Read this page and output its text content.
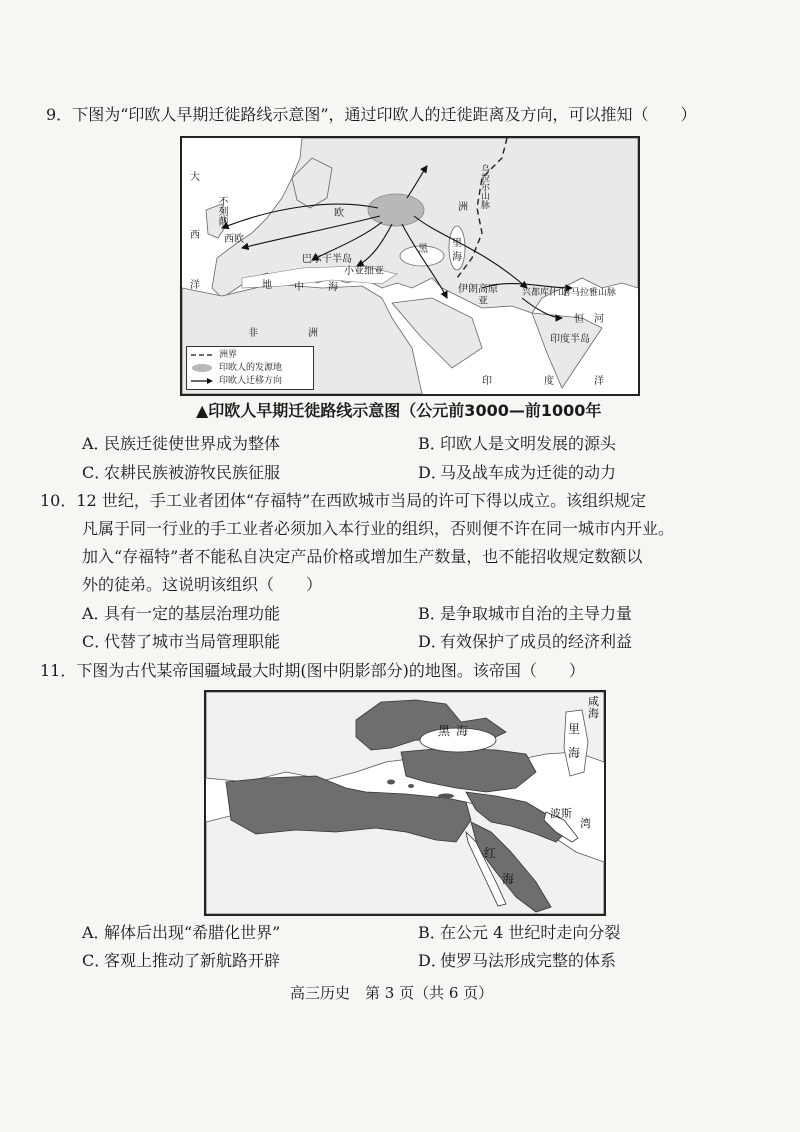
9．下图为“印欧人早期迁徙路线示意图”，通过印欧人的迁徙距离及方向，可以推知（　　）
大
西
洋
不列颠
西欧
欧
巴尔干半岛
小亚细亚
地 中 海
黑
里
海
伊朗高原
亚
非	洲
洲 乌拉尔山脉
兴都库什山
喜马拉雅山脉
恒 河
印度半岛
印	度	洋
洲界
印欧人的发源地
印欧人迁移方向
▲印欧人早期迁徙路线示意图（公元前3000—前1000年
A．民族迁徙使世界成为整体	B．印欧人是文明发展的源头
C．农耕民族被游牧民族征服	D．马及战车成为迁徙的动力
10．12 世纪，手工业者团体“存福特”在西欧城市当局的许可下得以成立。该组织规定
凡属于同一行业的手工业者必须加入本行业的组织，否则便不许在同一城市内开业。
加入“存福特”者不能私自决定产品价格或增加生产数量，也不能招收规定数额以
外的徒弟。这说明该组织（　　）
A．具有一定的基层治理功能	B．是争取城市自治的主导力量
C．代替了城市当局管理职能	D．有效保护了成员的经济利益
11．下图为古代某帝国疆域最大时期(图中阴影部分)的地图。该帝国（　　）
黑 海	里
海
咸
海
波斯
湾
红
海
A．解体后出现“希腊化世界”	B．在公元 4 世纪时走向分裂
C．客观上推动了新航路开辟	D．使罗马法形成完整的体系
高三历史　第 3 页（共 6 页）
